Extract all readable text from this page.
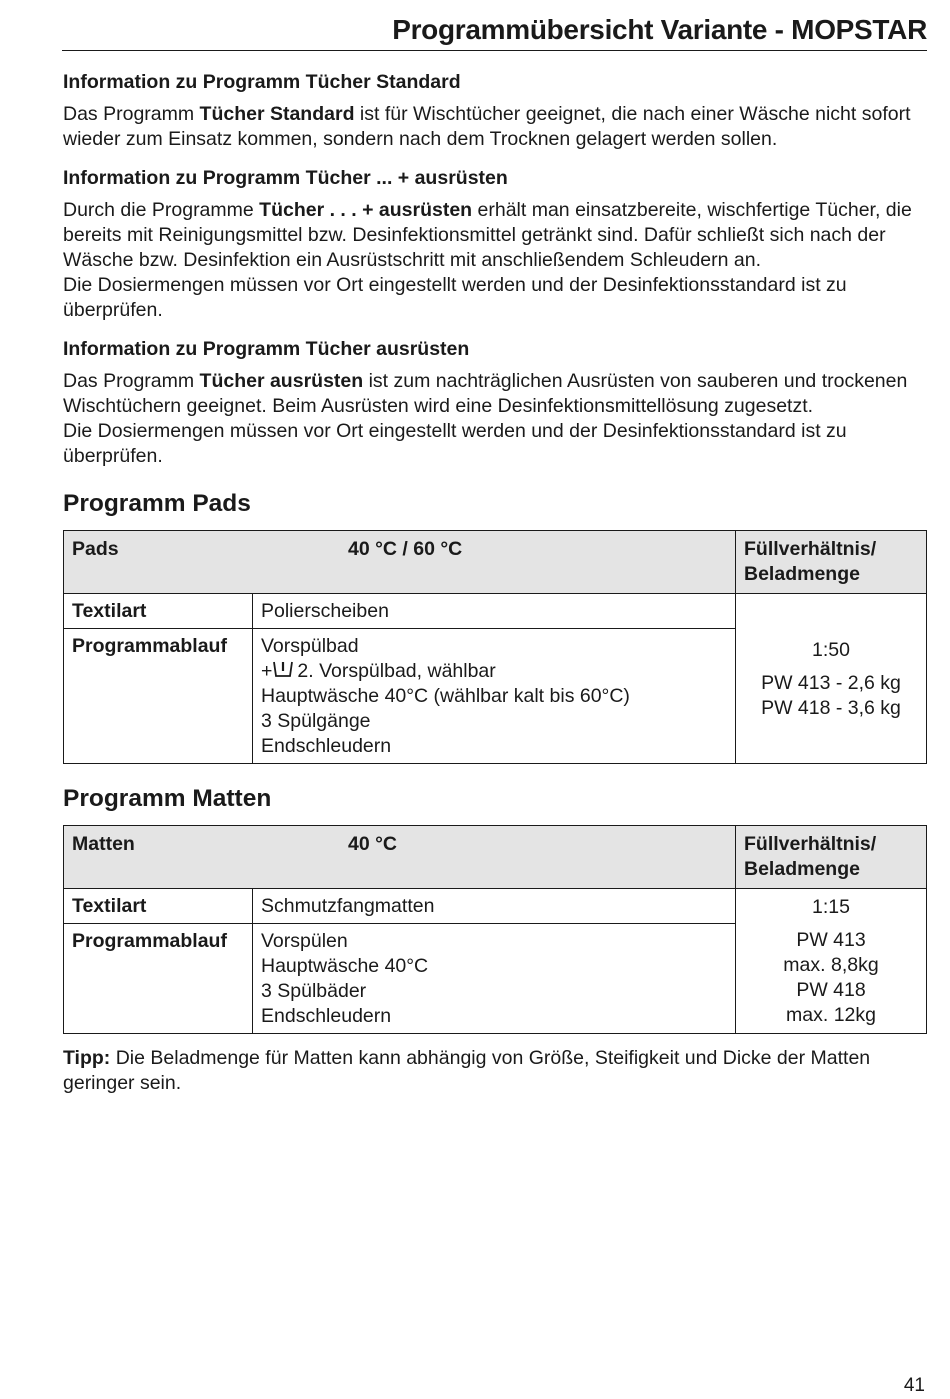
Programmübersicht Variante - MOPSTAR
Information zu Programm Tücher Standard

Das Programm Tücher Standard ist für Wischtücher geeignet, die nach einer Wäsche nicht sofort wieder zum Einsatz kommen, sondern nach dem Trocknen gelagert werden sollen.

Information zu Programm Tücher ... + ausrüsten

Durch die Programme Tücher . . . + ausrüsten erhält man einsatzbereite, wischfertige Tücher, die bereits mit Reinigungsmittel bzw. Desinfektionsmittel getränkt sind. Dafür schließt sich nach der Wäsche bzw. Desinfektion ein Ausrüstschritt mit anschließendem Schleudern an.

Die Dosiermengen müssen vor Ort eingestellt werden und der Desinfektionsstandard ist zu überprüfen.

Information zu Programm Tücher ausrüsten

Das Programm Tücher ausrüsten ist zum nachträglichen Ausrüsten von sauberen und trockenen Wischtüchern geeignet. Beim Ausrüsten wird eine Desinfektionsmittellösung zugesetzt.

Die Dosiermengen müssen vor Ort eingestellt werden und der Desinfektionsstandard ist zu überprüfen.

Programm Pads
Pads 40 °C / 60 °C		Füllverhältnis/
Beladmenge
Textilart	Polierscheiben	1:50
PW 413 - 2,6 kg
PW 418 - 3,6 kg

Programmablauf	Vorspülbad
+ 2. Vorspülbad, wählbar
Hauptwäsche 40°C (wählbar kalt bis 60°C)
3 Spülgänge
Endschleudern	
Programm Matten
Matten 40 °C		Füllverhältnis/
Beladmenge
Textilart	Schmutzfangmatten	1:15
PW 413
max. 8,8kg
PW 418
max. 12kg

Programmablauf	Vorspülen
Hauptwäsche 40°C
3 Spülbäder
Endschleudern	

Tipp: Die Beladmenge für Matten kann abhängig von Größe, Steifigkeit und Dicke der Matten geringer sein.

41
